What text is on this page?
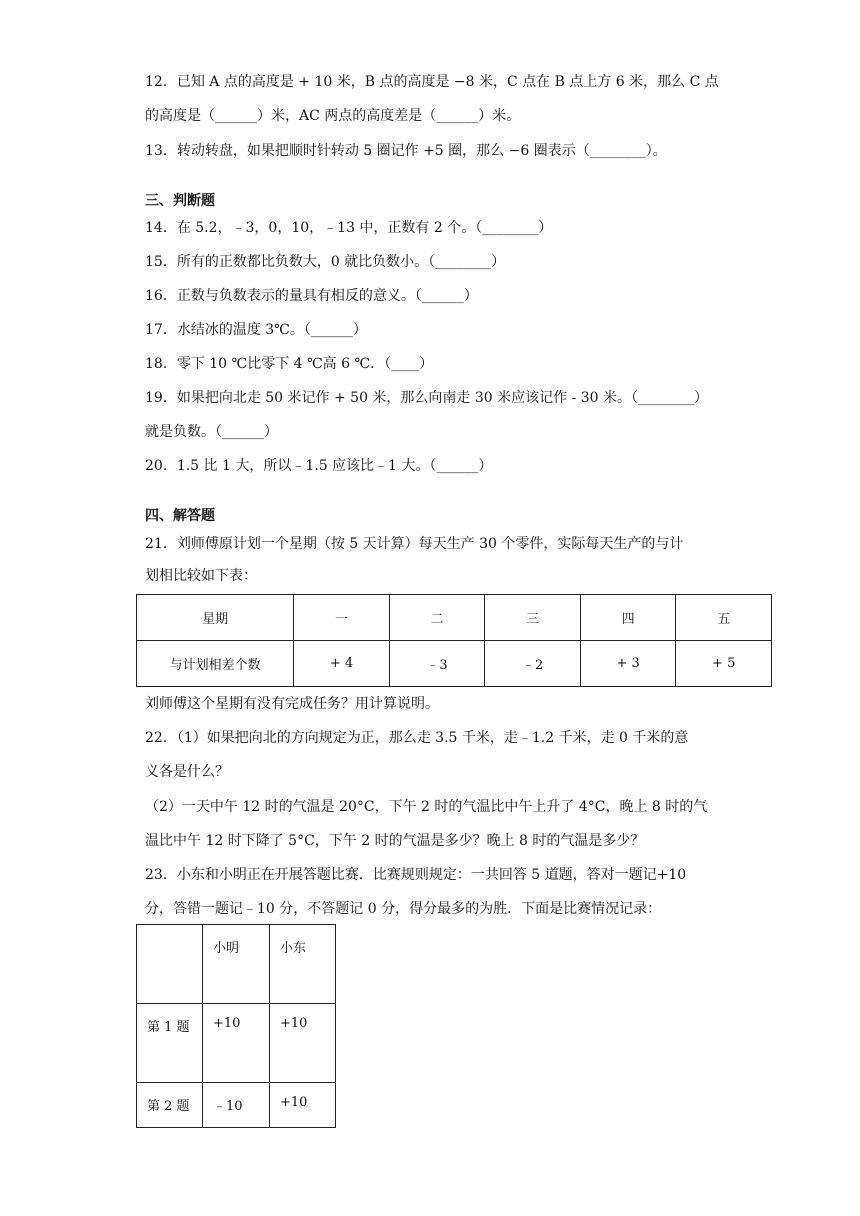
12．已知 A 点的高度是 + 10 米，B 点的高度是 −8 米，C 点在 B 点上方 6 米，那么 C 点
的高度是（______）米，AC 两点的高度差是（______）米。
13．转动转盘，如果把顺时针转动 5 圈记作 +5 圈，那么 −6 圈表示（________）。
三、判断题
14．在 5.2，﹣3，0，10，﹣13 中，正数有 2 个。（________）
15．所有的正数都比负数大，0 就比负数小。（________）
16．正数与负数表示的量具有相反的意义。（______）
17．水结冰的温度 3℃。（______）
18．零下 10 ℃比零下 4 ℃高 6 ℃．（____）
19．如果把向北走 50 米记作 + 50 米，那么向南走 30 米应该记作 - 30 米。（________）
就是负数。（______）
20．1.5 比 1 大，所以﹣1.5 应该比﹣1 大。（______）
四、解答题
21．刘师傅原计划一个星期（按 5 天计算）每天生产 30 个零件，实际每天生产的与计
划相比较如下表：
星期	一	二	三	四	五
与计划相差个数	+ 4	﹣3	﹣2	+ 3	+ 5
刘师傅这个星期有没有完成任务？用计算说明。
22．（1）如果把向北的方向规定为正，那么走 3.5 千米，走﹣1.2 千米，走 0 千米的意
义各是什么？
（2）一天中午 12 时的气温是 20°C，下午 2 时的气温比中午上升了 4°C，晚上 8 时的气
温比中午 12 时下降了 5°C，下午 2 时的气温是多少？晚上 8 时的气温是多少？
23．小东和小明正在开展答题比赛．比赛规则规定：一共回答 5 道题，答对一题记+10
分，答错一题记﹣10 分，不答题记 0 分，得分最多的为胜．下面是比赛情况记录：
	小明	小东
第 1 题	+10	+10
第 2 题	﹣10	+10
